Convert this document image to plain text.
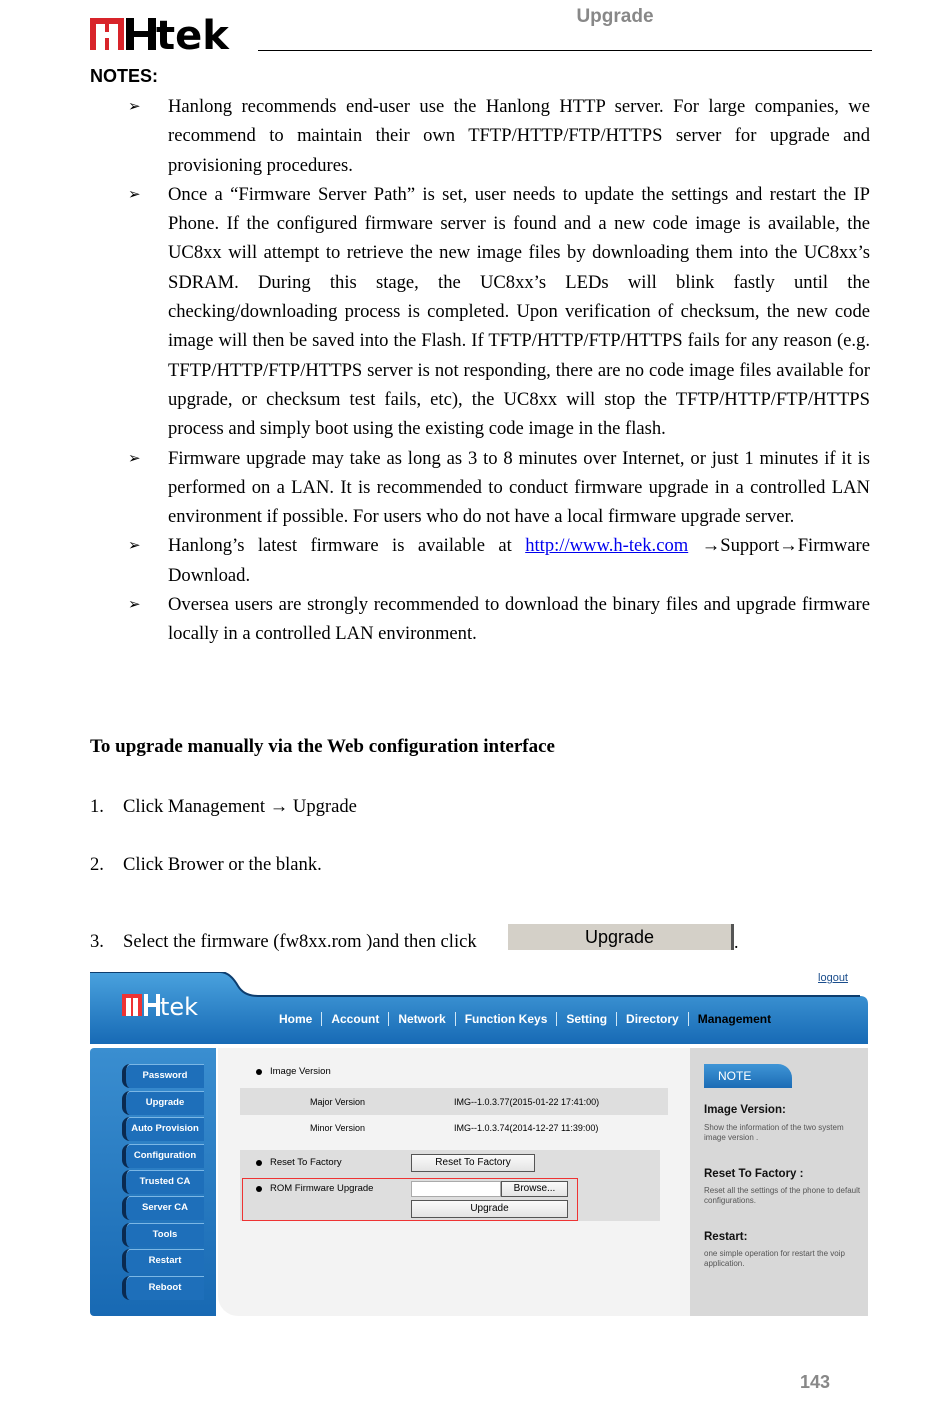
tek	Upgrade
NOTES:
➢ Hanlong recommends end-user use the Hanlong HTTP server. For large companies, we recommend to maintain their own TFTP/HTTP/FTP/HTTPS server for upgrade and provisioning procedures.
➢ Once a “Firmware Server Path” is set, user needs to update the settings and restart the IP Phone. If the configured firmware server is found and a new code image is available, the UC8xx will attempt to retrieve the new image files by downloading them into the UC8xx’s SDRAM. During this stage, the UC8xx’s LEDs will blink fastly until the checking/downloading process is completed. Upon verification of checksum, the new code image will then be saved into the Flash. If TFTP/HTTP/FTP/HTTPS fails for any reason (e.g. TFTP/HTTP/FTP/HTTPS server is not responding, there are no code image files available for upgrade, or checksum test fails, etc), the UC8xx will stop the TFTP/HTTP/FTP/HTTPS process and simply boot using the existing code image in the flash.
➢ Firmware upgrade may take as long as 3 to 8 minutes over Internet, or just 1 minutes if it is performed on a LAN. It is recommended to conduct firmware upgrade in a controlled LAN environment if possible. For users who do not have a local firmware upgrade server.
➢ Hanlong’s latest firmware is available at http://www.h-tek.com →Support→Firmware Download.
➢ Oversea users are strongly recommended to download the binary files and upgrade firmware locally in a controlled LAN environment.
To upgrade manually via the Web configuration interface
1. Click Management → Upgrade
2. Click Brower or the blank.
3. Select the firmware (fw8xx.rom )and then click	Upgrade	.
logout
tek	Home	Account	Network	Function Keys	Setting	Directory	Management
Password
Upgrade
Auto Provision
Configuration
Trusted CA
Server CA
Tools
Restart
Reboot
Image Version
Major Version	IMG--1.0.3.77(2015-01-22 17:41:00)
Minor Version	IMG--1.0.3.74(2014-12-27 11:39:00)
Reset To Factory	Reset To Factory
ROM Firmware Upgrade	Browse...
Upgrade
NOTE
Image Version:
Show the information of the two system image version .
Reset To Factory :
Reset all the settings of the phone to default configurations.
Restart:
one simple operation for restart the voip application.
143
